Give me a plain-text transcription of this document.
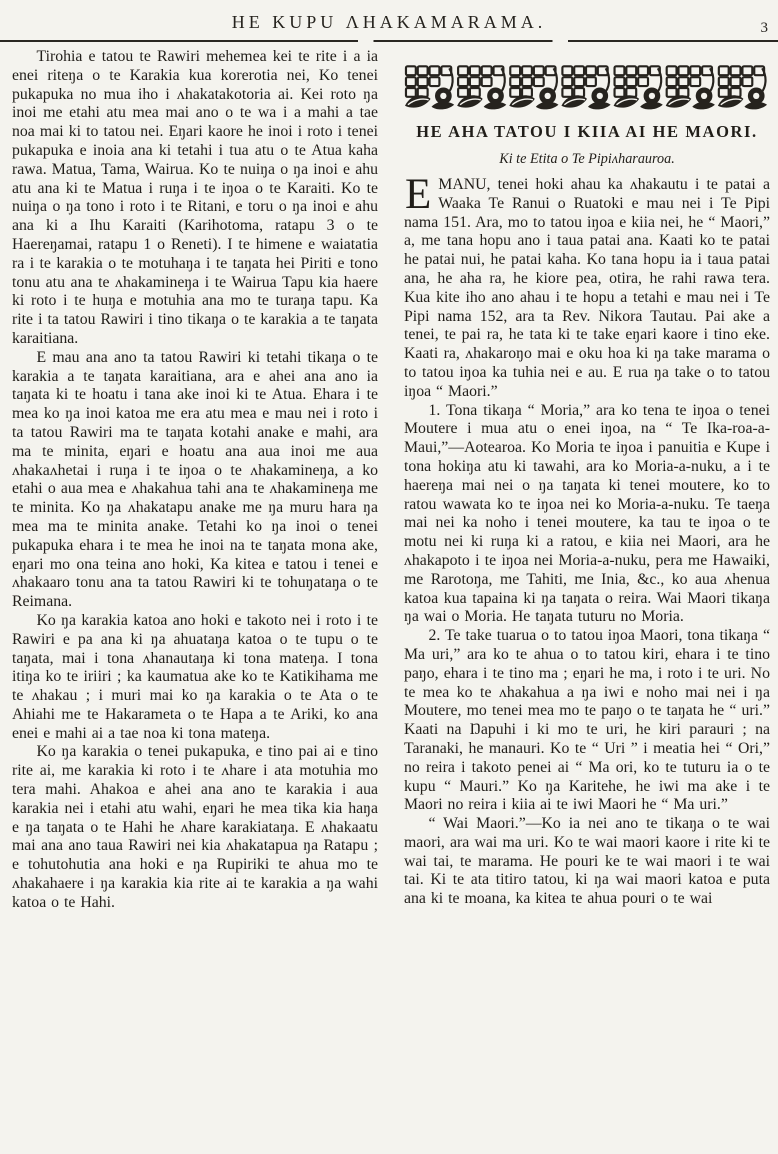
HE KUPU ΛHAKAMARAMA.	3

Tirohia e tatou te Rawiri mehemea kei te rite i a ia enei riteŋa o te Karakia kua korerotia nei, Ko tenei pukapuka no mua iho i ʌhakatakotoria ai. Kei roto ŋa inoi me etahi atu mea mai ano o te wa i a mahi a tae noa mai ki to tatou nei. Eŋari kaore he inoi i roto i tenei pukapuka e inoia ana ki tetahi i tua atu o te Atua kaha rawa. Matua, Tama, Wairua. Ko te nuiŋa o ŋa inoi e ahu atu ana ki te Matua i ruŋa i te iŋoa o te Karaiti. Ko te nuiŋa o ŋa tono i roto i te Ritani, e toru o ŋa inoi e ahu ana ki a Ihu Karaiti (Karihotoma, ratapu 3 o te Haereŋamai, ratapu 1 o Reneti). I te himene e waiatatia ra i te karakia o te motuhaŋa i te taŋata hei Piriti e tono tonu atu ana te ʌhakamineŋa i te Wairua Tapu kia haere ki roto i te huŋa e motuhia ana mo te turaŋa tapu. Ka rite i ta tatou Rawiri i tino tikaŋa o te karakia a te taŋata karaitiana.

E mau ana ano ta tatou Rawiri ki tetahi tikaŋa o te karakia a te taŋata karaitiana, ara e ahei ana ano ia taŋata ki te hoatu i tana ake inoi ki te Atua. Ehara i te mea ko ŋa inoi katoa me era atu mea e mau nei i roto i ta tatou Rawiri ma te taŋata kotahi anake e mahi, ara ma te minita, eŋari e hoatu ana aua inoi me aua ʌhakaʌhetai i ruŋa i te iŋoa o te ʌhakamineŋa, a ko etahi o aua mea e ʌhakahua tahi ana te ʌhakamineŋa me te minita. Ko ŋa ʌhakatapu anake me ŋa muru hara ŋa mea ma te minita anake. Tetahi ko ŋa inoi o tenei pukapuka ehara i te mea he inoi na te taŋata mona ake, eŋari mo ona teina ano hoki, Ka kitea e tatou i tenei e ʌhakaaro tonu ana ta tatou Rawiri ki te tohuŋataŋa o te Reimana.

Ko ŋa karakia katoa ano hoki e takoto nei i roto i te Rawiri e pa ana ki ŋa ahuataŋa katoa o te tupu o te taŋata, mai i tona ʌhanautaŋa ki tona mateŋa. I tona itiŋa ko te iriiri ; ka kaumatua ake ko te Katikihama me te ʌhakau ; i muri mai ko ŋa karakia o te Ata o te Ahiahi me te Hakarameta o te Hapa a te Ariki, ko ana enei e mahi ai a tae noa ki tona mateŋa.

Ko ŋa karakia o tenei pukapuka, e tino pai ai e tino rite ai, me karakia ki roto i te ʌhare i ata motuhia mo tera mahi. Ahakoa e ahei ana ano te karakia i aua karakia nei i etahi atu wahi, eŋari he mea tika kia haŋa e ŋa taŋata o te Hahi he ʌhare karakiataŋa. E ʌhakaatu mai ana ano taua Rawiri nei kia ʌhakatapua ŋa Ratapu ; e tohutohutia ana hoki e ŋa Rupiriki te ahua mo te ʌhakahaere i ŋa karakia kia rite ai te karakia a ŋa wahi katoa o te Hahi.

HE AHA TATOU I KIIA AI HE MAORI.
Ki te Etita o Te Pipiʌharauroa.

EMANU, tenei hoki ahau ka ʌhakautu i te patai a Waaka Te Ranui o Ruatoki e mau nei i Te Pipi nama 151. Ara, mo to tatou iŋoa e kiia nei, he “ Maori,” a, me tana hopu ano i taua patai ana. Kaati ko te patai he patai nui, he patai kaha. Ko tana hopu ia i taua patai ana, he aha ra, he kiore pea, otira, he rahi rawa tera. Kua kite iho ano ahau i te hopu a tetahi e mau nei i Te Pipi nama 152, ara ta Rev. Nikora Tautau. Pai ake a tenei, te pai ra, he tata ki te take eŋari kaore i tino eke. Kaati ra, ʌhakaroŋo mai e oku hoa ki ŋa take marama o to tatou iŋoa ka tuhia nei e au. E rua ŋa take o to tatou iŋoa “ Maori.”

1. Tona tikaŋa “ Moria,” ara ko tena te iŋoa o tenei Moutere i mua atu o enei iŋoa, na “ Te Ika-roa-a-Maui,”—Aotearoa. Ko Moria te iŋoa i panuitia e Kupe i tona hokiŋa atu ki tawahi, ara ko Moria-a-nuku, a i te haereŋa mai nei o ŋa taŋata ki tenei moutere, ko to ratou wawata ko te iŋoa nei ko Moria-a-nuku. Te taeŋa mai nei ka noho i tenei moutere, ka tau te iŋoa o te motu nei ki ruŋa ki a ratou, e kiia nei Maori, ara he ʌhakapoto i te iŋoa nei Moria-a-nuku, pera me Hawaiki, me Rarotoŋa, me Tahiti, me Inia, &c., ko aua ʌhenua katoa kua tapaina ki ŋa taŋata o reira. Wai Maori tikaŋa ŋa wai o Moria. He taŋata tuturu no Moria.

2. Te take tuarua o to tatou iŋoa Maori, tona tikaŋa “ Ma uri,” ara ko te ahua o to tatou kiri, ehara i te tino paŋo, ehara i te tino ma ; eŋari he ma, i roto i te uri. No te mea ko te ʌhakahua a ŋa iwi e noho mai nei i ŋa Moutere, mo tenei mea mo te paŋo o te taŋata he “ uri.” Kaati na Ŋapuhi i ki mo te uri, he kiri parauri ; na Taranaki, he manauri. Ko te “ Uri ” i meatia hei “ Ori,” no reira i takoto penei ai “ Ma ori, ko te tuturu ia o te kupu “ Mauri.” Ko ŋa Karitehe, he iwi ma ake i te Maori no reira i kiia ai te iwi Maori he “ Ma uri.”

“ Wai Maori.”—Ko ia nei ano te tikaŋa o te wai maori, ara wai ma uri. Ko te wai maori kaore i rite ki te wai tai, te marama. He pouri ke te wai maori i te wai tai. Ki te ata titiro tatou, ki ŋa wai maori katoa e puta ana ki te moana, ka kitea te ahua pouri o te wai
